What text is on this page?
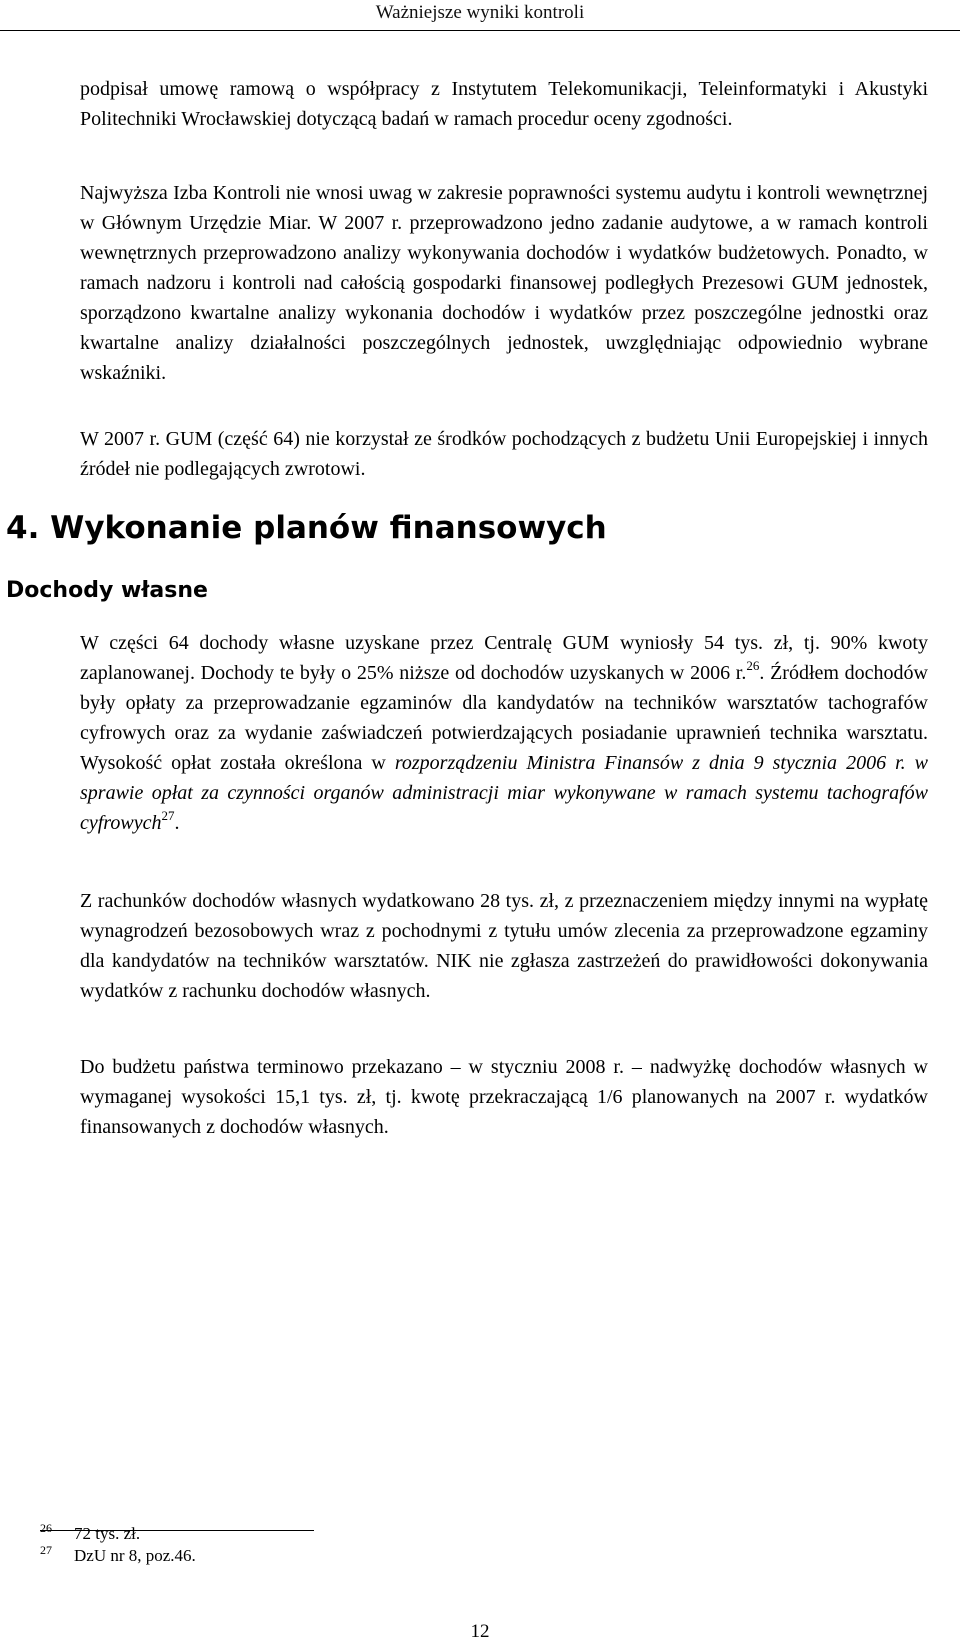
Ważniejsze wyniki kontroli

podpisał umowę ramową o współpracy z Instytutem Telekomunikacji, Teleinformatyki i Akustyki Politechniki Wrocławskiej dotyczącą badań w ramach procedur oceny zgodności.

Najwyższa Izba Kontroli nie wnosi uwag w zakresie poprawności systemu audytu i kontroli wewnętrznej w Głównym Urzędzie Miar. W 2007 r. przeprowadzono jedno zadanie audytowe, a w ramach kontroli wewnętrznych przeprowadzono analizy wykonywania dochodów i wydatków budżetowych. Ponadto, w ramach nadzoru i kontroli nad całością gospodarki finansowej podległych Prezesowi GUM jednostek, sporządzono kwartalne analizy wykonania dochodów i wydatków przez poszczególne jednostki oraz kwartalne analizy działalności poszczególnych jednostek, uwzględniając odpowiednio wybrane wskaźniki.

W 2007 r. GUM (część 64) nie korzystał ze środków pochodzących z budżetu Unii Europejskiej i innych źródeł nie podlegających zwrotowi.

4. Wykonanie planów finansowych
Dochody własne

W części 64 dochody własne uzyskane przez Centralę GUM wyniosły 54 tys. zł, tj. 90% kwoty zaplanowanej. Dochody te były o 25% niższe od dochodów uzyskanych w 2006 r.$^{26}$. Źródłem dochodów były opłaty za przeprowadzanie egzaminów dla kandydatów na techników warsztatów tachografów cyfrowych oraz za wydanie zaświadczeń potwierdzających posiadanie uprawnień technika warsztatu. Wysokość opłat została określona w rozporządzeniu Ministra Finansów z dnia 9 stycznia 2006 r. w sprawie opłat za czynności organów administracji miar wykonywane w ramach systemu tachografów cyfrowych$^{27}$.

Z rachunków dochodów własnych wydatkowano 28 tys. zł, z przeznaczeniem między innymi na wypłatę wynagrodzeń bezosobowych wraz z pochodnymi z tytułu umów zlecenia za przeprowadzone egzaminy dla kandydatów na techników warsztatów. NIK nie zgłasza zastrzeżeń do prawidłowości dokonywania wydatków z rachunku dochodów własnych.

Do budżetu państwa terminowo przekazano – w styczniu 2008 r. – nadwyżkę dochodów własnych w wymaganej wysokości 15,1 tys. zł, tj. kwotę przekraczającą 1/6 planowanych na 2007 r. wydatków finansowanych z dochodów własnych.

26 72 tys. zł.
27 DzU nr 8, poz.46.
12
